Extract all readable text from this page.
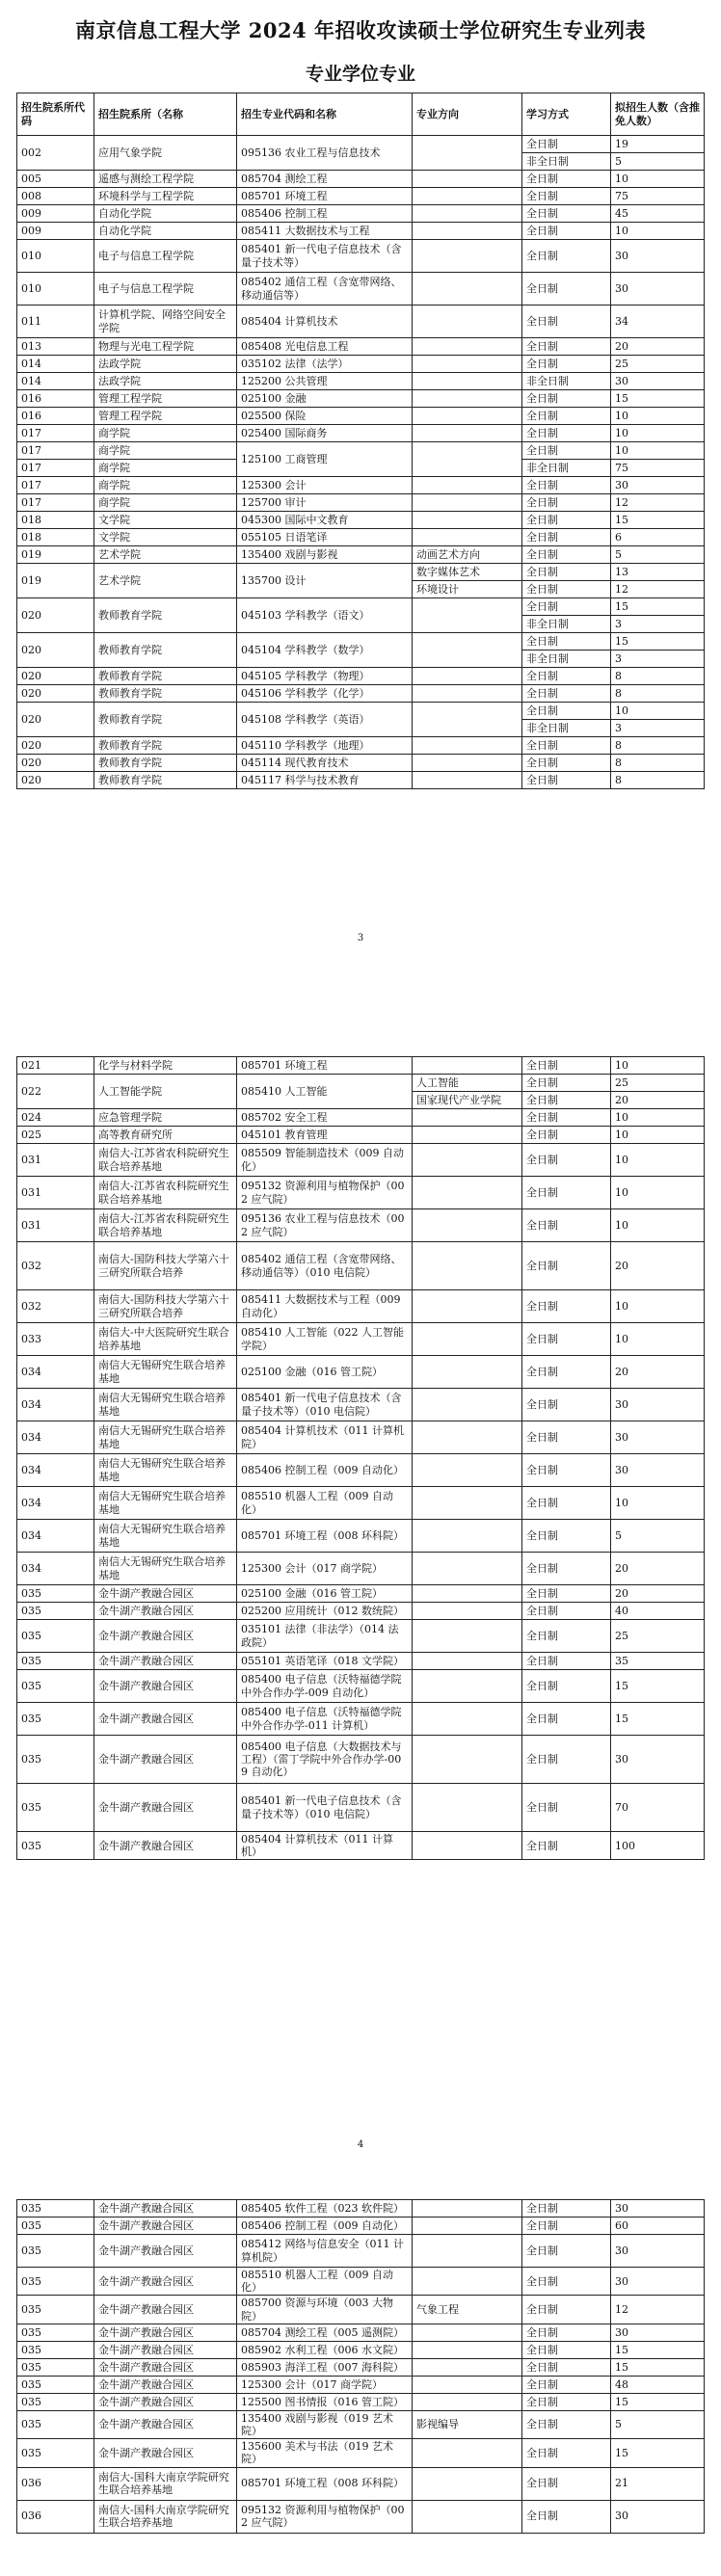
南京信息工程大学 2024 年招收攻读硕士学位研究生专业列表
专业学位专业
招生院系所代码	招生院系所（名称	招生专业代码和名称	专业方向	学习方式	拟招生人数（含推免人数）
002	应用气象学院	095136 农业工程与信息技术		全日制	19
				非全日制	5
005	遥感与测绘工程学院	085704 测绘工程		全日制	10
008	环境科学与工程学院	085701 环境工程		全日制	75
009	自动化学院	085406 控制工程		全日制	45
009	自动化学院	085411 大数据技术与工程		全日制	10
010	电子与信息工程学院	085401 新一代电子信息技术（含量子技术等）		全日制	30
010	电子与信息工程学院	085402 通信工程（含宽带网络、移动通信等）		全日制	30
011	计算机学院、网络空间安全学院	085404 计算机技术		全日制	34
013	物理与光电工程学院	085408 光电信息工程		全日制	20
014	法政学院	035102 法律（法学）		全日制	25
014	法政学院	125200 公共管理		非全日制	30
016	管理工程学院	025100 金融		全日制	15
016	管理工程学院	025500 保险		全日制	10
017	商学院	025400 国际商务		全日制	10
017	商学院	125100 工商管理		全日制	10
017	商学院			非全日制	75
017	商学院	125300 会计		全日制	30
017	商学院	125700 审计		全日制	12
018	文学院	045300 国际中文教育		全日制	15
018	文学院	055105 日语笔译		全日制	6
019	艺术学院	135400 戏剧与影视	动画艺术方向	全日制	5
019	艺术学院	135700 设计	数字媒体艺术	全日制	13
			环境设计	全日制	12
020	教师教育学院	045103 学科教学（语文）		全日制	15
				非全日制	3
020	教师教育学院	045104 学科教学（数学）		全日制	15
				非全日制	3
020	教师教育学院	045105 学科教学（物理）		全日制	8
020	教师教育学院	045106 学科教学（化学）		全日制	8
020	教师教育学院	045108 学科教学（英语）		全日制	10
				非全日制	3
020	教师教育学院	045110 学科教学（地理）		全日制	8
020	教师教育学院	045114 现代教育技术		全日制	8
020	教师教育学院	045117 科学与技术教育		全日制	8
3
021	化学与材料学院	085701 环境工程		全日制	10
022	人工智能学院	085410 人工智能	人工智能	全日制	25
			国家现代产业学院	全日制	20
024	应急管理学院	085702 安全工程		全日制	10
025	高等教育研究所	045101 教育管理		全日制	10
031	南信大-江苏省农科院研究生联合培养基地	085509 智能制造技术（009 自动化）		全日制	10
031	南信大-江苏省农科院研究生联合培养基地	095132 资源利用与植物保护（002 应气院）		全日制	10
031	南信大-江苏省农科院研究生联合培养基地	095136 农业工程与信息技术（002 应气院）		全日制	10
032	南信大-国防科技大学第六十三研究所联合培养	085402 通信工程（含宽带网络、移动通信等）（010 电信院）		全日制	20
032	南信大-国防科技大学第六十三研究所联合培养	085411 大数据技术与工程（009 自动化）		全日制	10
033	南信大-中大医院研究生联合培养基地	085410 人工智能（022 人工智能学院）		全日制	10
034	南信大无锡研究生联合培养基地	025100 金融（016 管工院）		全日制	20
034	南信大无锡研究生联合培养基地	085401 新一代电子信息技术（含量子技术等）（010 电信院）		全日制	30
034	南信大无锡研究生联合培养基地	085404 计算机技术（011 计算机院）		全日制	30
034	南信大无锡研究生联合培养基地	085406 控制工程（009 自动化）		全日制	30
034	南信大无锡研究生联合培养基地	085510 机器人工程（009 自动化）		全日制	10
034	南信大无锡研究生联合培养基地	085701 环境工程（008 环科院）		全日制	5
034	南信大无锡研究生联合培养基地	125300 会计（017 商学院）		全日制	20
035	金牛湖产教融合园区	025100 金融（016 管工院）		全日制	20
035	金牛湖产教融合园区	025200 应用统计（012 数统院）		全日制	40
035	金牛湖产教融合园区	035101 法律（非法学）（014 法政院）		全日制	25
035	金牛湖产教融合园区	055101 英语笔译（018 文学院）		全日制	35
035	金牛湖产教融合园区	085400 电子信息（沃特福德学院中外合作办学-009 自动化）		全日制	15
035	金牛湖产教融合园区	085400 电子信息（沃特福德学院中外合作办学-011 计算机）		全日制	15
035	金牛湖产教融合园区	085400 电子信息（大数据技术与工程）（雷丁学院中外合作办学-009 自动化）		全日制	30
035	金牛湖产教融合园区	085401 新一代电子信息技术（含量子技术等）（010 电信院）		全日制	70
035	金牛湖产教融合园区	085404 计算机技术（011 计算机）		全日制	100
4
035	金牛湖产教融合园区	085405 软件工程（023 软件院）		全日制	30
035	金牛湖产教融合园区	085406 控制工程（009 自动化）		全日制	60
035	金牛湖产教融合园区	085412 网络与信息安全（011 计算机院）		全日制	30
035	金牛湖产教融合园区	085510 机器人工程（009 自动化）		全日制	30
035	金牛湖产教融合园区	085700 资源与环境（003 大物院）	气象工程	全日制	12
035	金牛湖产教融合园区	085704 测绘工程（005 遥测院）		全日制	30
035	金牛湖产教融合园区	085902 水利工程（006 水文院）		全日制	15
035	金牛湖产教融合园区	085903 海洋工程（007 海科院）		全日制	15
035	金牛湖产教融合园区	125300 会计（017 商学院）		全日制	48
035	金牛湖产教融合园区	125500 图书情报（016 管工院）		全日制	15
035	金牛湖产教融合园区	135400 戏剧与影视（019 艺术院）	影视编导	全日制	5
035	金牛湖产教融合园区	135600 美术与书法（019 艺术院）		全日制	15
036	南信大-国科大南京学院研究生联合培养基地	085701 环境工程（008 环科院）		全日制	21
036	南信大-国科大南京学院研究生联合培养基地	095132 资源利用与植物保护（002 应气院）		全日制	30
